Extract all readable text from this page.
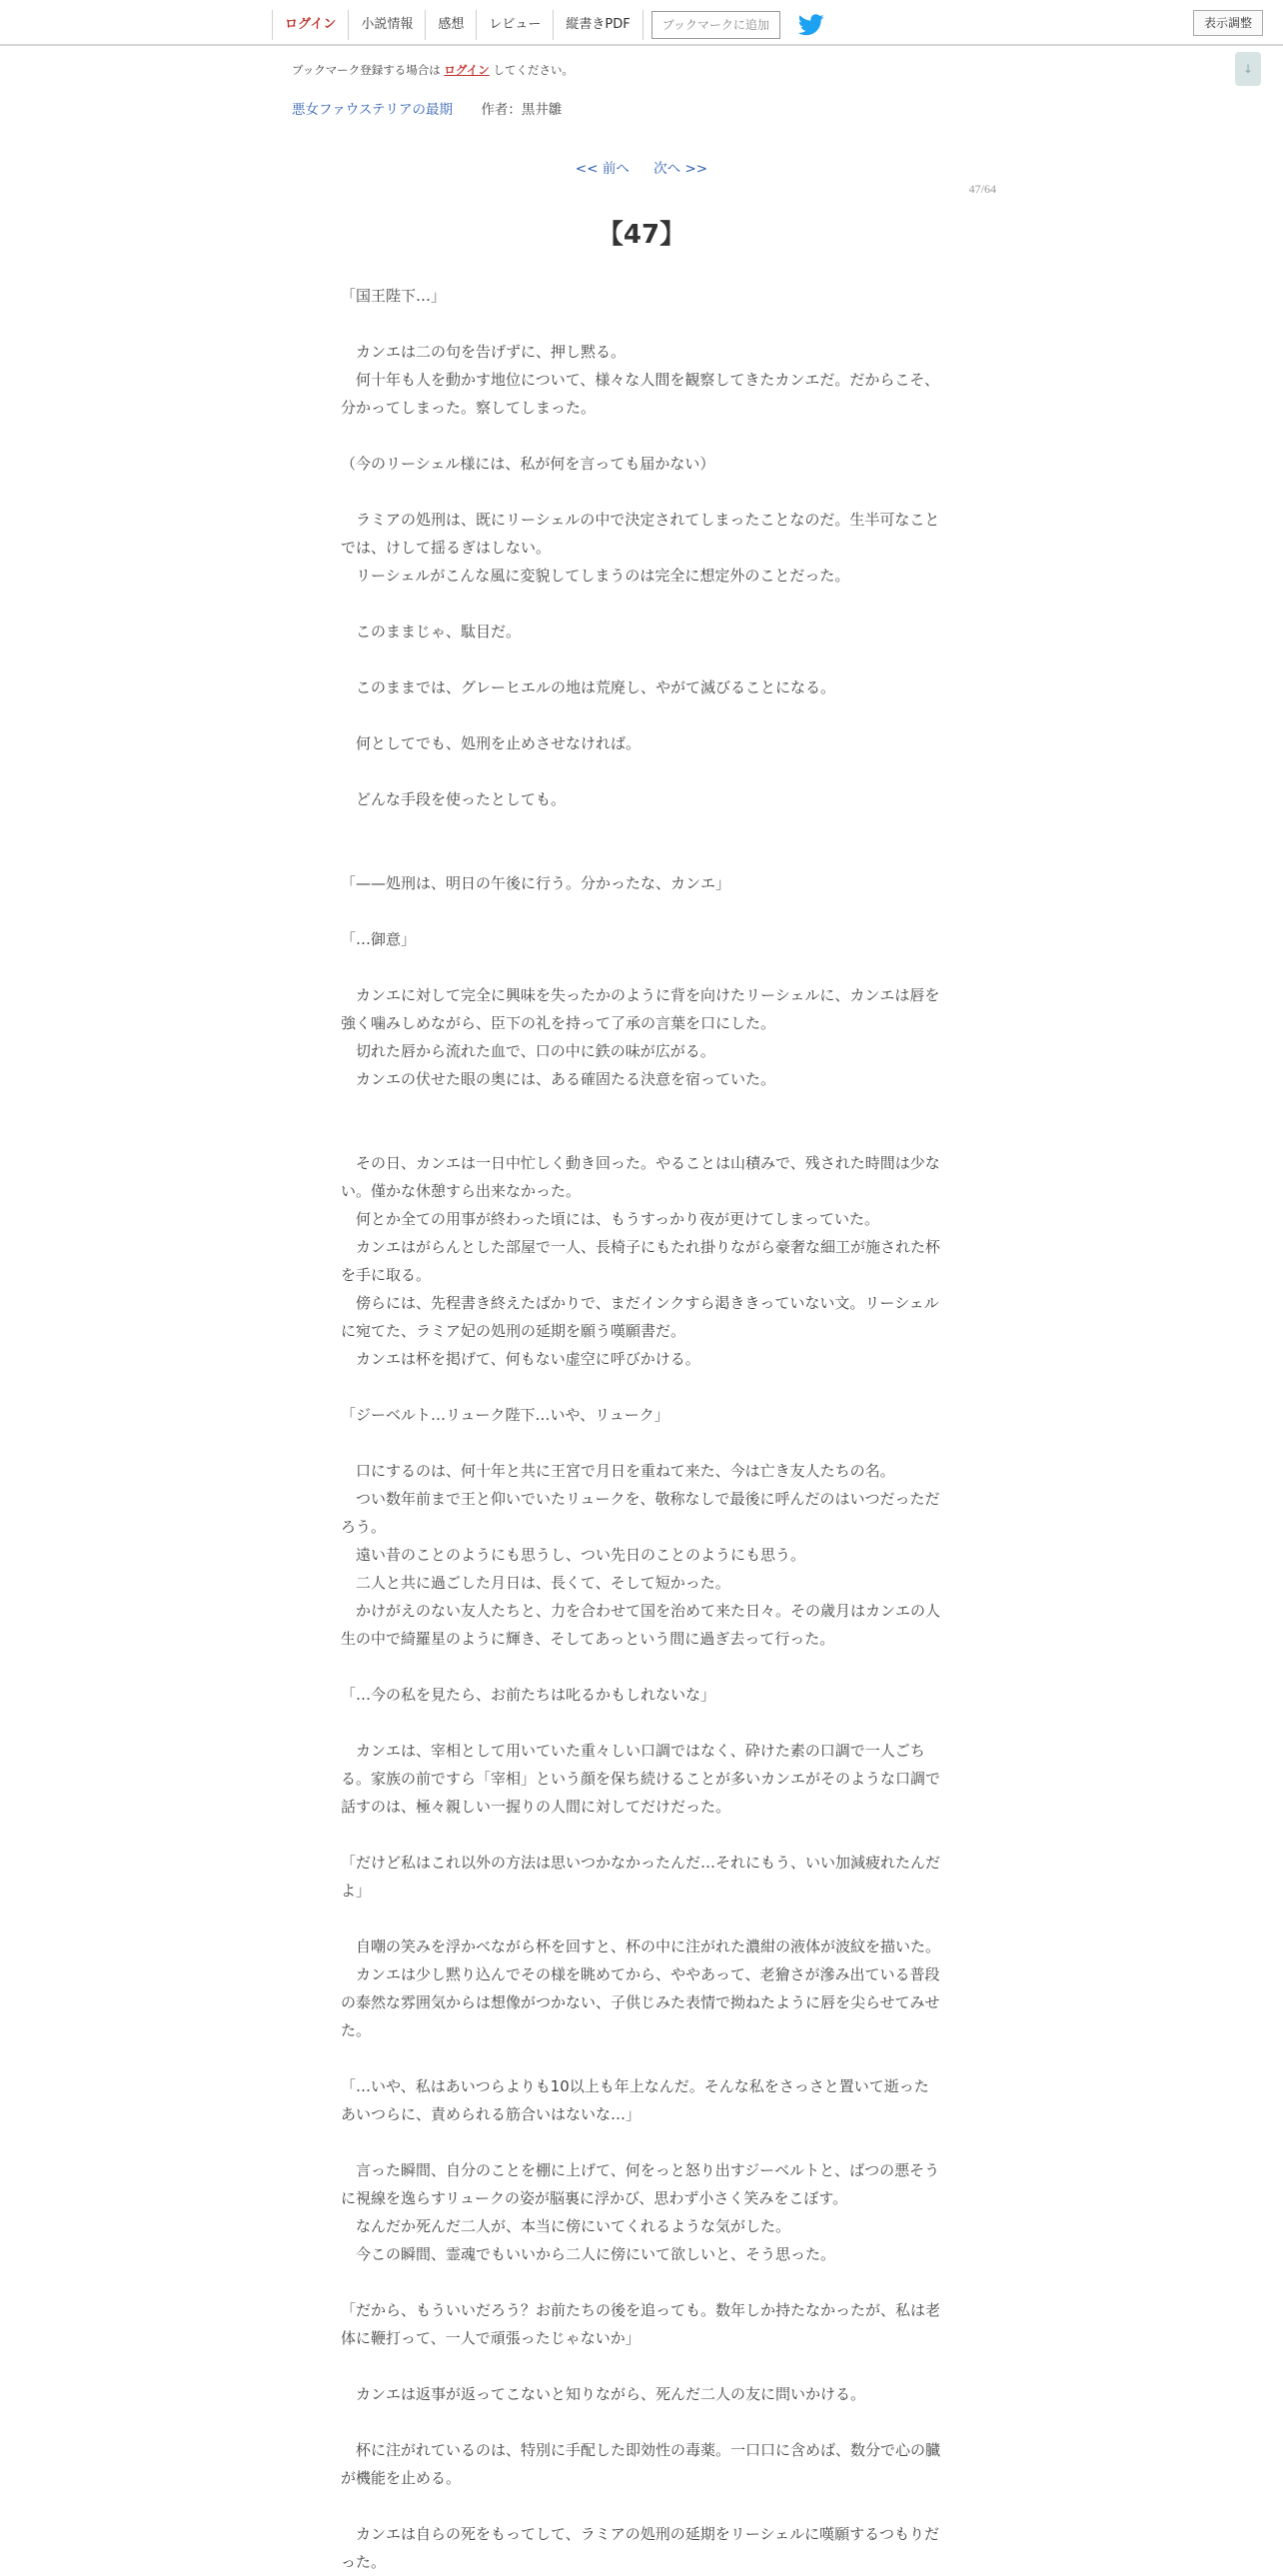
ログイン	小説情報	感想	レビュー	縦書きPDF	ブックマークに追加	表示調整
↓
ブックマーク登録する場合は ログイン してください。
悪女ファウステリアの最期 作者：黒井雛
<< 前へ 次へ >>
47/64
【47】

「国王陛下…」

　カンエは二の句を告げずに、押し黙る。

　何十年も人を動かす地位について、様々な人間を観察してきたカンエだ。だからこそ、分かってしまった。察してしまった。

（今のリーシェル様には、私が何を言っても届かない）

　ラミアの処刑は、既にリーシェルの中で決定されてしまったことなのだ。生半可なことでは、けして揺るぎはしない。

　リーシェルがこんな風に変貌してしまうのは完全に想定外のことだった。

　このままじゃ、駄目だ。

　このままでは、グレーヒエルの地は荒廃し、やがて滅びることになる。

　何としてでも、処刑を止めさせなければ。

　どんな手段を使ったとしても。

「——処刑は、明日の午後に行う。分かったな、カンエ」

「…御意」

　カンエに対して完全に興味を失ったかのように背を向けたリーシェルに、カンエは唇を強く噛みしめながら、臣下の礼を持って了承の言葉を口にした。

　切れた唇から流れた血で、口の中に鉄の味が広がる。

　カンエの伏せた眼の奥には、ある確固たる決意を宿っていた。

　その日、カンエは一日中忙しく動き回った。やることは山積みで、残された時間は少ない。僅かな休憩すら出来なかった。

　何とか全ての用事が終わった頃には、もうすっかり夜が更けてしまっていた。

　カンエはがらんとした部屋で一人、長椅子にもたれ掛りながら豪奢な細工が施された杯を手に取る。

　傍らには、先程書き終えたばかりで、まだインクすら渇ききっていない文。リーシェルに宛てた、ラミア妃の処刑の延期を願う嘆願書だ。

　カンエは杯を掲げて、何もない虚空に呼びかける。

「ジーベルト…リューク陛下…いや、リューク」

　口にするのは、何十年と共に王宮で月日を重ねて来た、今は亡き友人たちの名。

　つい数年前まで王と仰いでいたリュークを、敬称なしで最後に呼んだのはいつだっただろう。

　遠い昔のことのようにも思うし、つい先日のことのようにも思う。

　二人と共に過ごした月日は、長くて、そして短かった。

　かけがえのない友人たちと、力を合わせて国を治めて来た日々。その歳月はカンエの人生の中で綺羅星のように輝き、そしてあっという間に過ぎ去って行った。

「…今の私を見たら、お前たちは叱るかもしれないな」

　カンエは、宰相として用いていた重々しい口調ではなく、砕けた素の口調で一人ごちる。家族の前ですら「宰相」という顔を保ち続けることが多いカンエがそのような口調で話すのは、極々親しい一握りの人間に対してだけだった。

「だけど私はこれ以外の方法は思いつかなかったんだ…それにもう、いい加減疲れたんだよ」

　自嘲の笑みを浮かべながら杯を回すと、杯の中に注がれた濃紺の液体が波紋を描いた。

　カンエは少し黙り込んでその様を眺めてから、ややあって、老獪さが滲み出ている普段の泰然な雰囲気からは想像がつかない、子供じみた表情で拗ねたように唇を尖らせてみせた。

「…いや、私はあいつらよりも10以上も年上なんだ。そんな私をさっさと置いて逝ったあいつらに、責められる筋合いはないな…」

　言った瞬間、自分のことを棚に上げて、何をっと怒り出すジーベルトと、ばつの悪そうに視線を逸らすリュークの姿が脳裏に浮かび、思わず小さく笑みをこぼす。

　なんだか死んだ二人が、本当に傍にいてくれるような気がした。

　今この瞬間、霊魂でもいいから二人に傍にいて欲しいと、そう思った。

「だから、もういいだろう？お前たちの後を追っても。数年しか持たなかったが、私は老体に鞭打って、一人で頑張ったじゃないか」

　カンエは返事が返ってこないと知りながら、死んだ二人の友に問いかける。

　杯に注がれているのは、特別に手配した即効性の毒薬。一口口に含めば、数分で心の臓が機能を止める。

　カンエは自らの死をもってして、ラミアの処刑の延期をリーシェルに嘆願するつもりだった。
